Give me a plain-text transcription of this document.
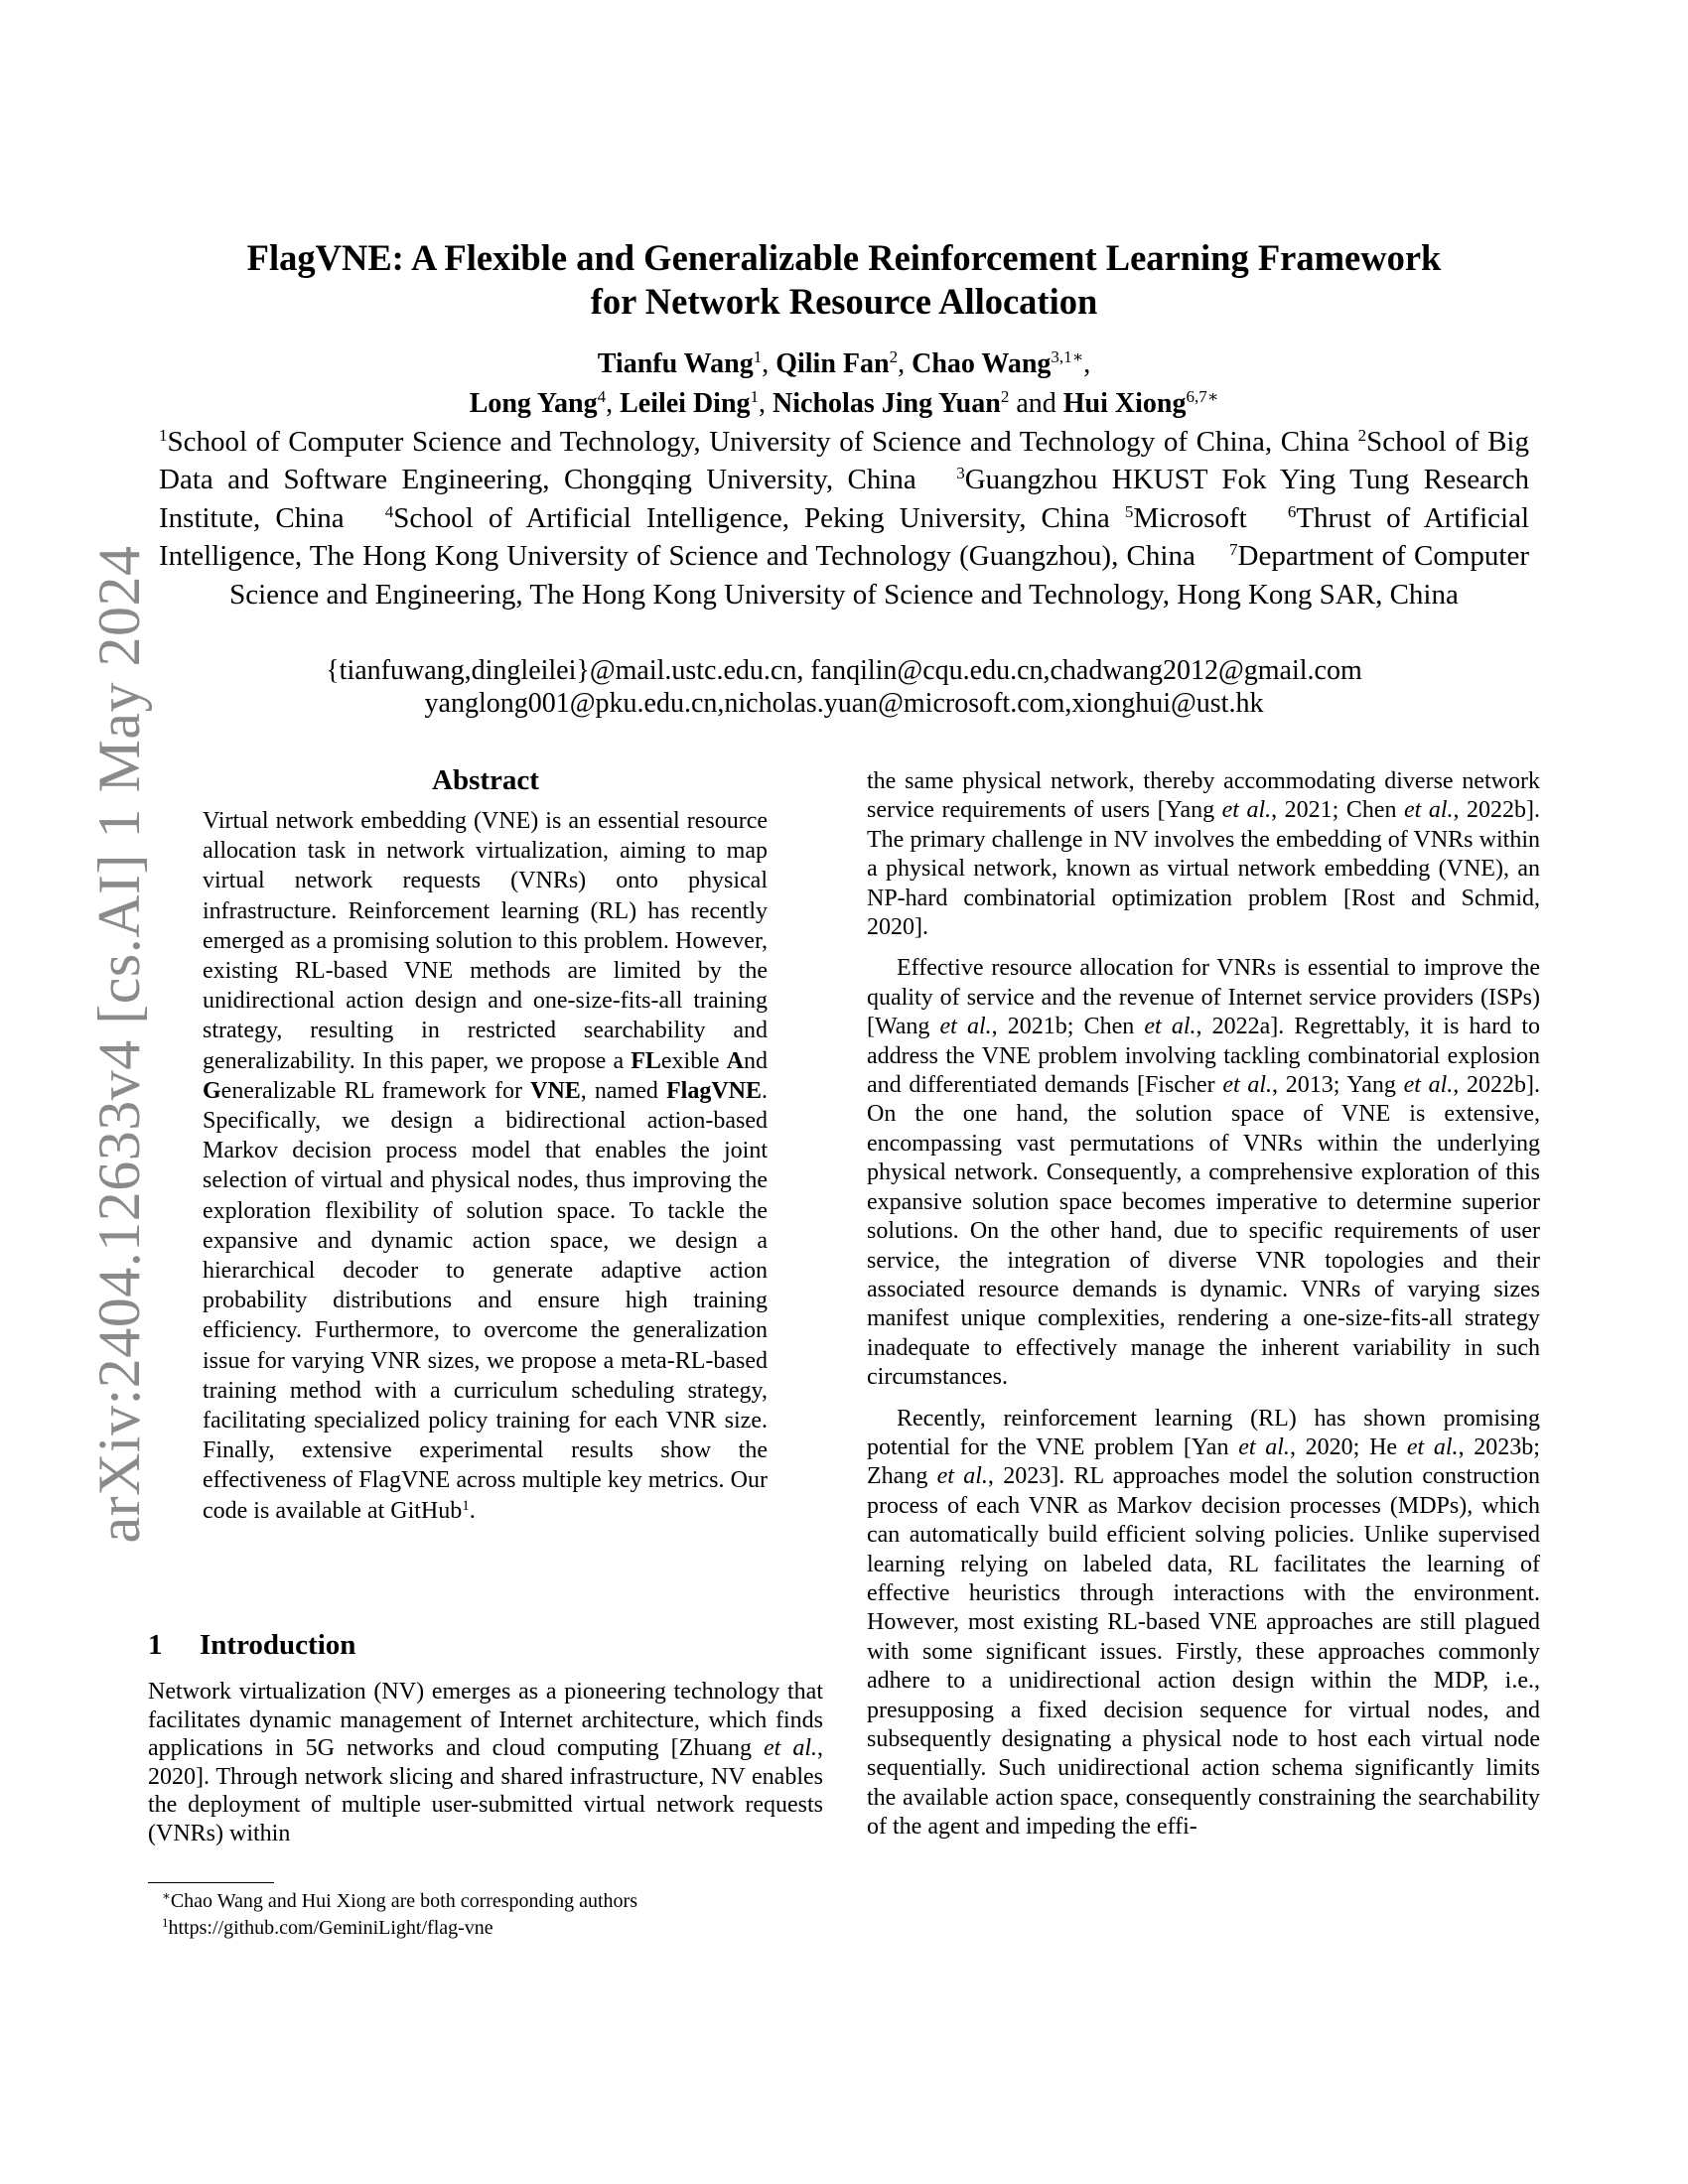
arXiv:2404.12633v4 [cs.AI] 1 May 2024
FlagVNE: A Flexible and Generalizable Reinforcement Learning Framework
for Network Resource Allocation
Tianfu Wang$^1$, Qilin Fan$^2$, Chao Wang$^{3,1∗}$,
Long Yang$^4$, Leilei Ding$^1$, Nicholas Jing Yuan$^2$ and Hui Xiong$^{6,7∗}$
$^1$School of Computer Science and Technology, University of Science and Technology of China, China $^2$School of Big Data and Software Engineering, Chongqing University, China $^3$Guangzhou HKUST Fok Ying Tung Research Institute, China $^4$School of Artificial Intelligence, Peking University, China $^5$Microsoft $^6$Thrust of Artificial Intelligence, The Hong Kong University of Science and Technology (Guangzhou), China $^7$Department of Computer Science and Engineering, The Hong Kong University of Science and Technology, Hong Kong SAR, China
{tianfuwang,dingleilei}@mail.ustc.edu.cn, fanqilin@cqu.edu.cn,chadwang2012@gmail.com
yanglong001@pku.edu.cn,nicholas.yuan@microsoft.com,xionghui@ust.hk
Abstract
Virtual network embedding (VNE) is an essential resource allocation task in network virtualization, aiming to map virtual network requests (VNRs) onto physical infrastructure. Reinforcement learning (RL) has recently emerged as a promising solution to this problem. However, existing RL-based VNE methods are limited by the unidirectional action design and one-size-fits-all training strategy, resulting in restricted searchability and generalizability. In this paper, we propose a FLexible And Generalizable RL framework for VNE, named FlagVNE. Specifically, we design a bidirectional action-based Markov decision process model that enables the joint selection of virtual and physical nodes, thus improving the exploration flexibility of solution space. To tackle the expansive and dynamic action space, we design a hierarchical decoder to generate adaptive action probability distributions and ensure high training efficiency. Furthermore, to overcome the generalization issue for varying VNR sizes, we propose a meta-RL-based training method with a curriculum scheduling strategy, facilitating specialized policy training for each VNR size. Finally, extensive experimental results show the effectiveness of FlagVNE across multiple key metrics. Our code is available at GitHub$^1$.
1 Introduction
Network virtualization (NV) emerges as a pioneering technology that facilitates dynamic management of Internet architecture, which finds applications in 5G networks and cloud computing [Zhuang et al., 2020]. Through network slicing and shared infrastructure, NV enables the deployment of multiple user-submitted virtual network requests (VNRs) within
∗Chao Wang and Hui Xiong are both corresponding authors
$^1$https://github.com/GeminiLight/flag-vne

the same physical network, thereby accommodating diverse network service requirements of users [Yang et al., 2021; Chen et al., 2022b]. The primary challenge in NV involves the embedding of VNRs within a physical network, known as virtual network embedding (VNE), an NP-hard combinatorial optimization problem [Rost and Schmid, 2020].

Effective resource allocation for VNRs is essential to improve the quality of service and the revenue of Internet service providers (ISPs) [Wang et al., 2021b; Chen et al., 2022a]. Regrettably, it is hard to address the VNE problem involving tackling combinatorial explosion and differentiated demands [Fischer et al., 2013; Yang et al., 2022b]. On the one hand, the solution space of VNE is extensive, encompassing vast permutations of VNRs within the underlying physical network. Consequently, a comprehensive exploration of this expansive solution space becomes imperative to determine superior solutions. On the other hand, due to specific requirements of user service, the integration of diverse VNR topologies and their associated resource demands is dynamic. VNRs of varying sizes manifest unique complexities, rendering a one-size-fits-all strategy inadequate to effectively manage the inherent variability in such circumstances.

Recently, reinforcement learning (RL) has shown promising potential for the VNE problem [Yan et al., 2020; He et al., 2023b; Zhang et al., 2023]. RL approaches model the solution construction process of each VNR as Markov decision processes (MDPs), which can automatically build efficient solving policies. Unlike supervised learning relying on labeled data, RL facilitates the learning of effective heuristics through interactions with the environment. However, most existing RL-based VNE approaches are still plagued with some significant issues. Firstly, these approaches commonly adhere to a unidirectional action design within the MDP, i.e., presupposing a fixed decision sequence for virtual nodes, and subsequently designating a physical node to host each virtual node sequentially. Such unidirectional action schema significantly limits the available action space, consequently constraining the searchability of the agent and impeding the effi-
